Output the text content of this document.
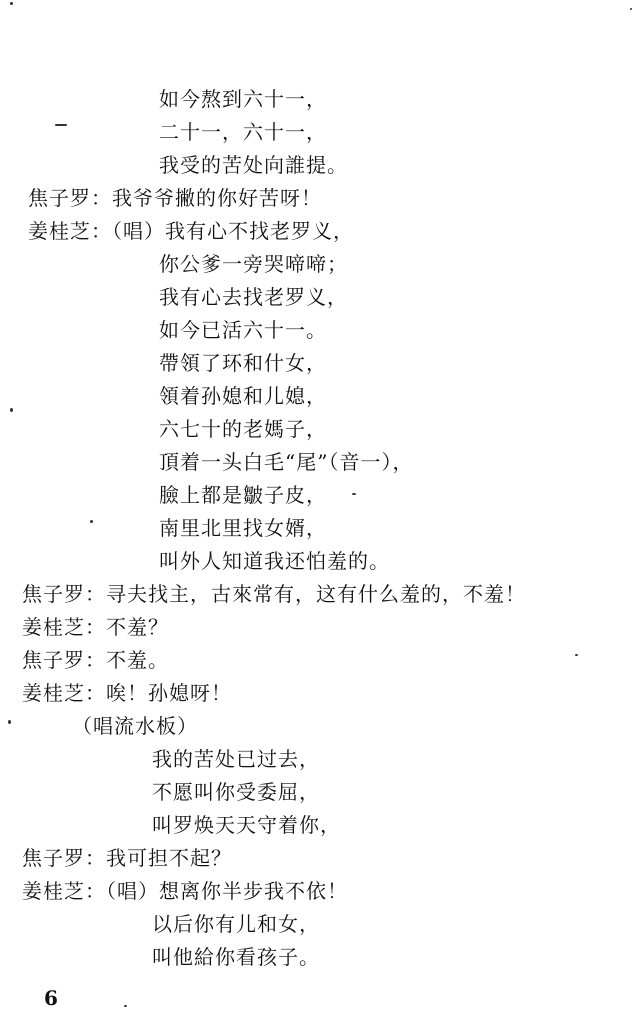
如今熬到六十一，
二十一，六十一，
我受的苦处向誰提。
焦子罗：我爷爷撇的你好苦呀！
姜桂芝：（唱）我有心不找老罗义，
你公爹一旁哭啼啼；
我有心去找老罗义，
如今已活六十一。
帶領了环和什女，
領着孙媳和儿媳，
六七十的老媽子，
頂着一头白毛“尾”（音一），
臉上都是皺子皮，
南里北里找女婿，
叫外人知道我还怕羞的。
焦子罗：寻夫找主，古來常有，这有什么羞的，不羞！
姜桂芝：不羞？
焦子罗：不羞。
姜桂芝：唉！孙媳呀！
（唱流水板）
我的苦处已过去，
不愿叫你受委屈，
叫罗焕天天守着你，
焦子罗：我可担不起？
姜桂芝：（唱）想离你半步我不依！
以后你有儿和女，
叫他給你看孩子。
6
